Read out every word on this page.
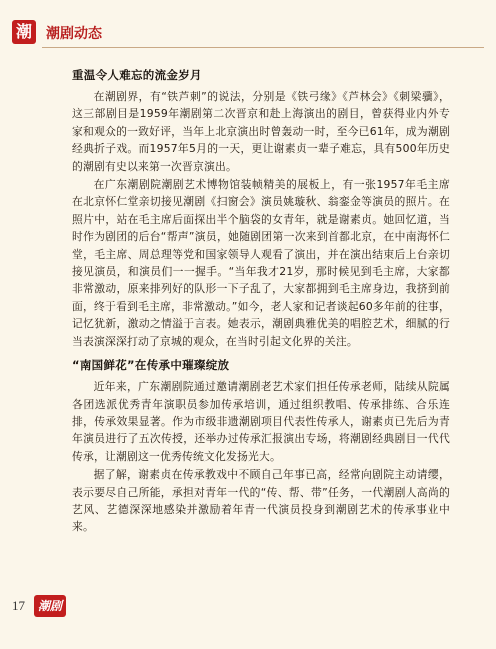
潮 潮剧动态

重温令人难忘的流金岁月

在潮剧界，有“铁芦刺”的说法，分别是《铁弓缘》《芦林会》《刺梁骥》，这三部剧目是1959年潮剧第二次晋京和赴上海演出的剧目，曾获得业内外专家和观众的一致好评，当年上北京演出时曾轰动一时，至今已61年，成为潮剧经典折子戏。而1957年5月的一天，更让谢素贞一辈子难忘，具有500年历史的潮剧有史以来第一次晋京演出。

在广东潮剧院潮剧艺术博物馆装帧精美的展板上，有一张1957年毛主席在北京怀仁堂亲切接见潮剧《扫窗会》演员姚璇秋、翁銮金等演员的照片。在照片中，站在毛主席后面探出半个脑袋的女青年，就是谢素贞。她回忆道，当时作为剧团的后台“帮声”演员，她随剧团第一次来到首都北京，在中南海怀仁堂，毛主席、周总理等党和国家领导人观看了演出，并在演出结束后上台亲切接见演员，和演员们一一握手。“当年我才21岁，那时候见到毛主席，大家都非常激动，原来排列好的队形一下子乱了，大家都拥到毛主席身边，我挤到前面，终于看到毛主席，非常激动。”如今，老人家和记者谈起60多年前的往事，记忆犹新，激动之情溢于言表。她表示，潮剧典雅优美的唱腔艺术，细腻的行当表演深深打动了京城的观众，在当时引起文化界的关注。

“南国鲜花”在传承中璀璨绽放

近年来，广东潮剧院通过邀请潮剧老艺术家们担任传承老师，陆续从院属各团选派优秀青年演职员参加传承培训，通过组织教唱、传承排练、合乐连排，传承效果显著。作为市级非遗潮剧项目代表性传承人，谢素贞已先后为青年演员进行了五次传授，还举办过传承汇报演出专场，将潮剧经典剧目一代代传承，让潮剧这一优秀传统文化发扬光大。

据了解，谢素贞在传承教戏中不顾自己年事已高，经常向剧院主动请缨，表示要尽自己所能，承担对青年一代的“传、帮、带”任务，一代潮剧人高尚的艺风、艺德深深地感染并激励着年青一代演员投身到潮剧艺术的传承事业中来。

17	潮剧
